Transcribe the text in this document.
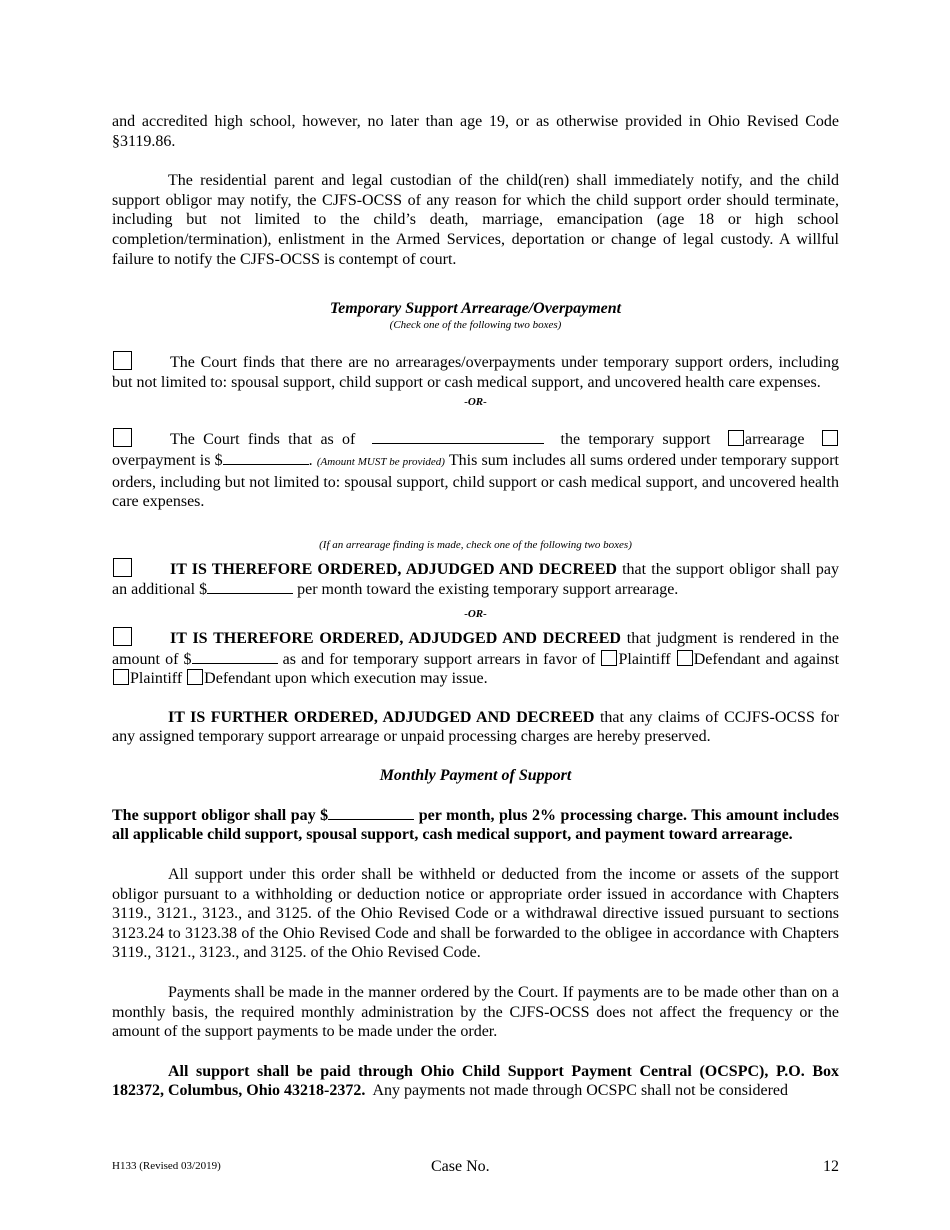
and accredited high school, however, no later than age 19, or as otherwise provided in Ohio Revised Code §3119.86.

The residential parent and legal custodian of the child(ren) shall immediately notify, and the child support obligor may notify, the CJFS-OCSS of any reason for which the child support order should terminate, including but not limited to the child’s death, marriage, emancipation (age 18 or high school completion/termination), enlistment in the Armed Services, deportation or change of legal custody. A willful failure to notify the CJFS-OCSS is contempt of court.

Temporary Support Arrearage/Overpayment
(Check one of the following two boxes)

The Court finds that there are no arrearages/overpayments under temporary support orders, including but not limited to: spousal support, child support or cash medical support, and uncovered health care expenses.

-OR-

The Court finds that as of	the temporary support arrearage   overpayment is $	. (Amount MUST be provided) This sum includes all sums ordered under temporary support orders, including but not limited to: spousal support, child support or cash medical support, and uncovered health care expenses.

(If an arrearage finding is made, check one of the following two boxes)

IT IS THEREFORE ORDERED, ADJUDGED AND DECREED that the support obligor shall pay an additional $	per month toward the existing temporary support arrearage.

-OR-

IT IS THEREFORE ORDERED, ADJUDGED AND DECREED that judgment is rendered in the amount of $	as and for temporary support arrears in favor of Plaintiff Defendant and against Plaintiff Defendant upon which execution may issue.

IT IS FURTHER ORDERED, ADJUDGED AND DECREED that any claims of CCJFS-OCSS for any assigned temporary support arrearage or unpaid processing charges are hereby preserved.

Monthly Payment of Support

The support obligor shall pay $	per month, plus 2% processing charge. This amount includes all applicable child support, spousal support, cash medical support, and payment toward arrearage.

All support under this order shall be withheld or deducted from the income or assets of the support obligor pursuant to a withholding or deduction notice or appropriate order issued in accordance with Chapters 3119., 3121., 3123., and 3125. of the Ohio Revised Code or a withdrawal directive issued pursuant to sections 3123.24 to 3123.38 of the Ohio Revised Code and shall be forwarded to the obligee in accordance with Chapters 3119., 3121., 3123., and 3125. of the Ohio Revised Code.

Payments shall be made in the manner ordered by the Court. If payments are to be made other than on a monthly basis, the required monthly administration by the CJFS-OCSS does not affect the frequency or the amount of the support payments to be made under the order.

All support shall be paid through Ohio Child Support Payment Central (OCSPC), P.O. Box 182372, Columbus, Ohio 43218-2372. Any payments not made through OCSPC shall not be considered

H133 (Revised 03/2019)	Case No.	12
